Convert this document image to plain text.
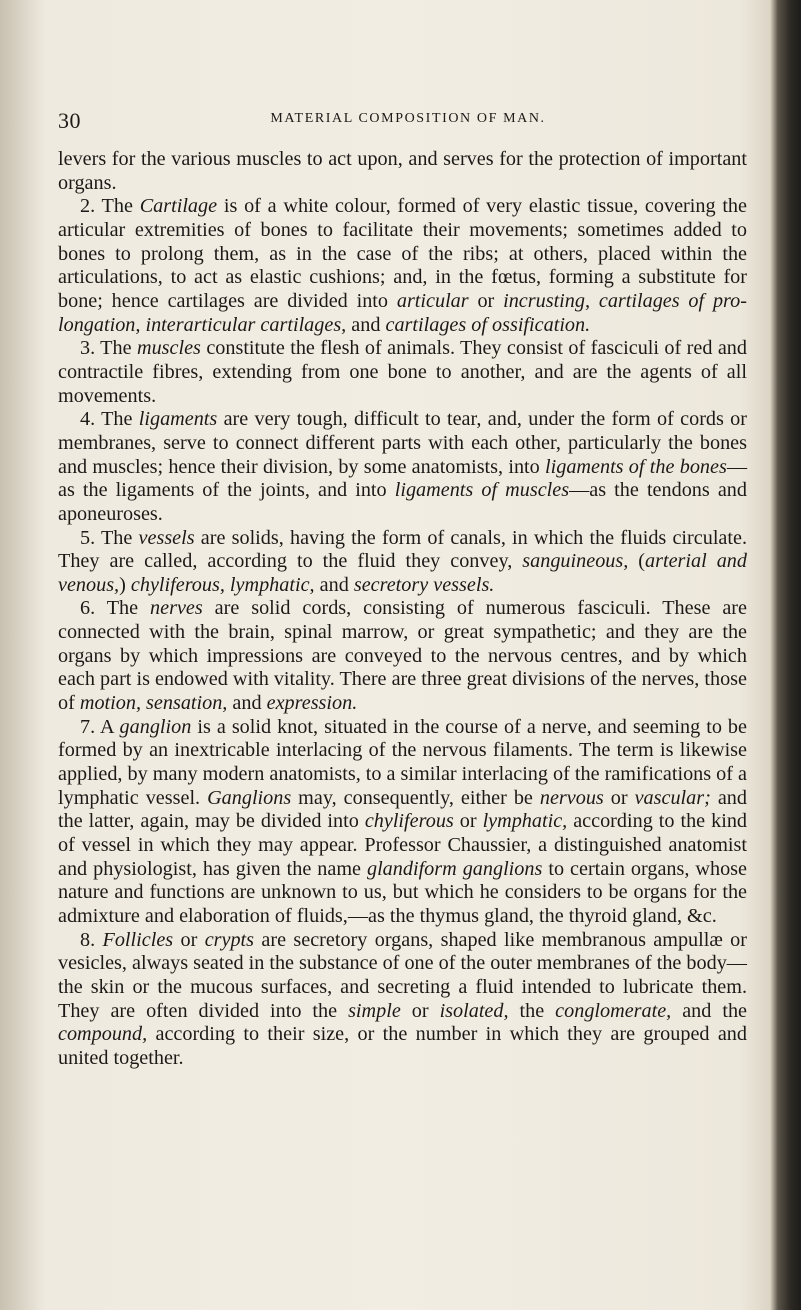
30	MATERIAL COMPOSITION OF MAN.

levers for the various muscles to act upon, and serves for the protection of important organs.

2. The Cartilage is of a white colour, formed of very elastic tissue, covering the articular extremities of bones to facilitate their movements; sometimes added to bones to prolong them, as in the case of the ribs; at others, placed within the articulations, to act as elastic cushions; and, in the fœtus, forming a substitute for bone; hence cartilages are divided into articular or incrusting, cartilages of prolongation, interarticular cartilages, and cartilages of ossification.

3. The muscles constitute the flesh of animals. They consist of fasciculi of red and contractile fibres, extending from one bone to another, and are the agents of all movements.

4. The ligaments are very tough, difficult to tear, and, under the form of cords or membranes, serve to connect different parts with each other, particularly the bones and muscles; hence their division, by some anatomists, into ligaments of the bones—as the ligaments of the joints, and into ligaments of muscles—as the tendons and aponeuroses.

5. The vessels are solids, having the form of canals, in which the fluids circulate. They are called, according to the fluid they convey, sanguineous, (arterial and venous,) chyliferous, lymphatic, and secretory vessels.

6. The nerves are solid cords, consisting of numerous fasciculi. These are connected with the brain, spinal marrow, or great sympathetic; and they are the organs by which impressions are conveyed to the nervous centres, and by which each part is endowed with vitality. There are three great divisions of the nerves, those of motion, sensation, and expression.

7. A ganglion is a solid knot, situated in the course of a nerve, and seeming to be formed by an inextricable interlacing of the nervous filaments. The term is likewise applied, by many modern anatomists, to a similar interlacing of the ramifications of a lymphatic vessel. Ganglions may, consequently, either be nervous or vascular; and the latter, again, may be divided into chyliferous or lymphatic, according to the kind of vessel in which they may appear. Professor Chaussier, a distinguished anatomist and physiologist, has given the name glandiform ganglions to certain organs, whose nature and functions are unknown to us, but which he considers to be organs for the admixture and elaboration of fluids,—as the thymus gland, the thyroid gland, &c.

8. Follicles or crypts are secretory organs, shaped like membranous ampullæ or vesicles, always seated in the substance of one of the outer membranes of the body—the skin or the mucous surfaces, and secreting a fluid intended to lubricate them. They are often divided into the simple or isolated, the conglomerate, and the compound, according to their size, or the number in which they are grouped and united together.
